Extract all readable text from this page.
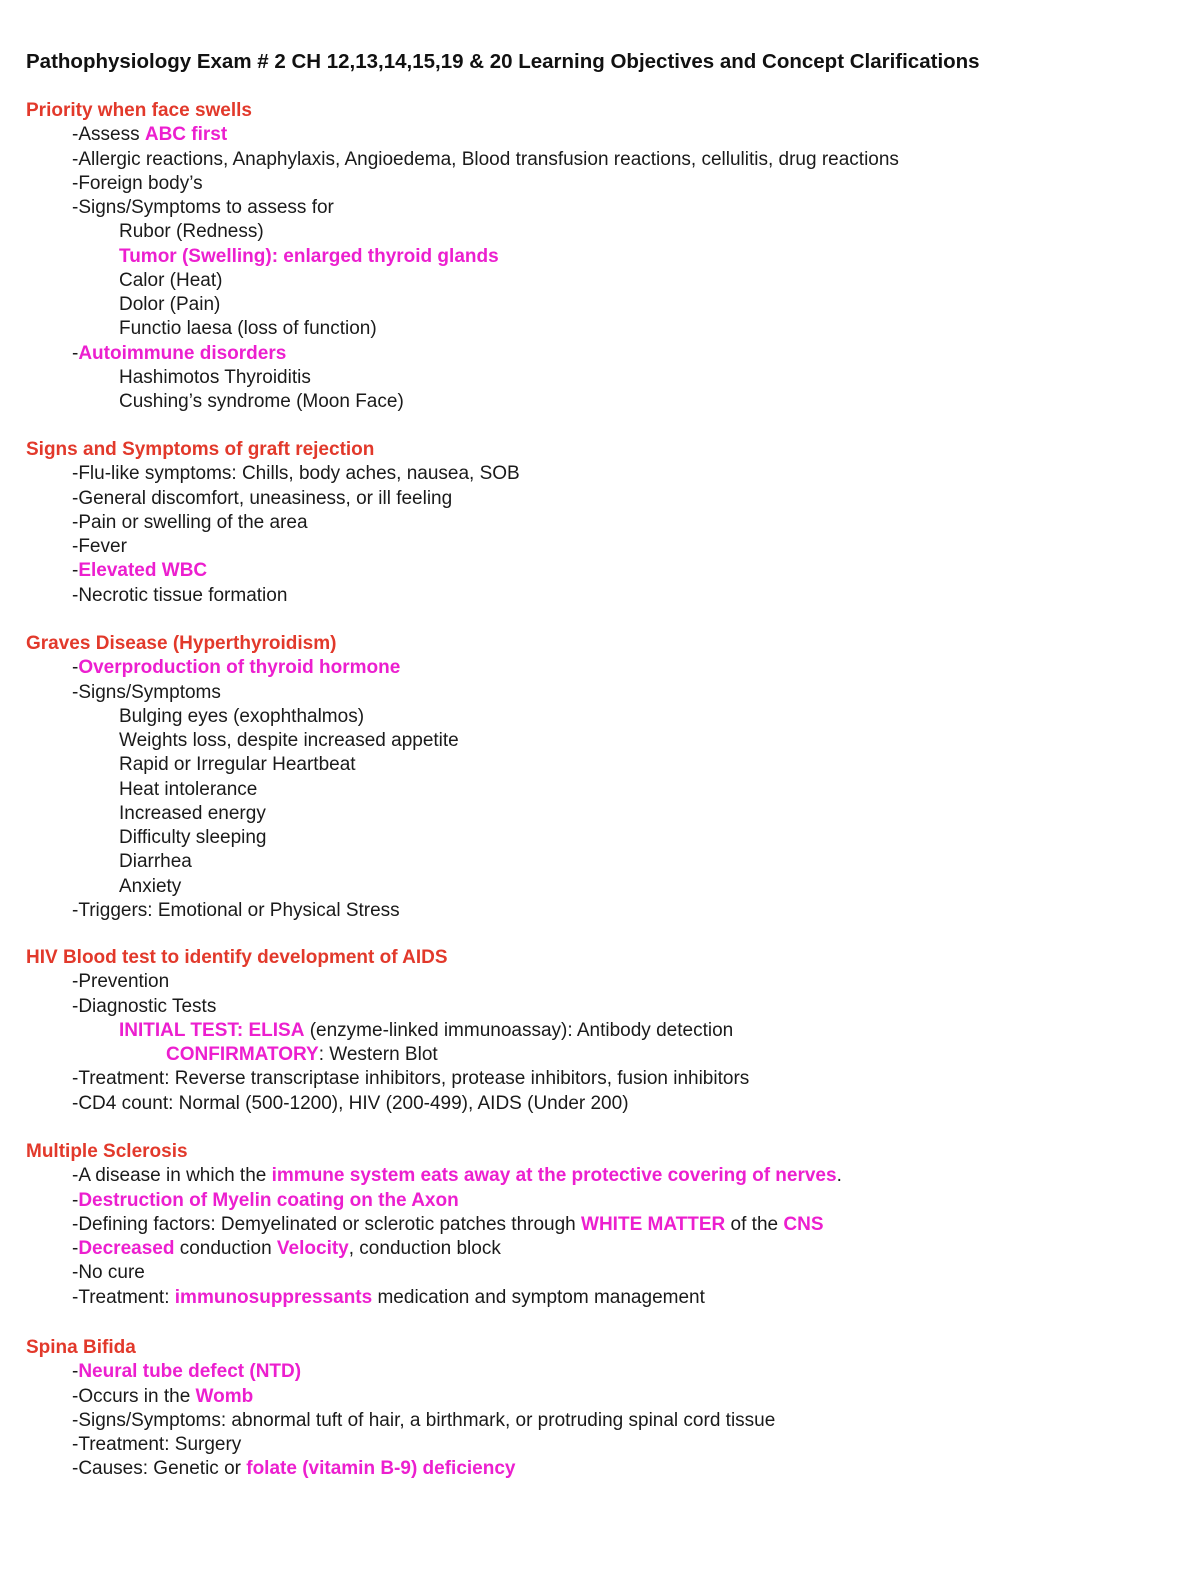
Pathophysiology Exam # 2 CH 12,13,14,15,19 & 20 Learning Objectives and Concept Clarifications
Priority when face swells
-Assess ABC first
-Allergic reactions, Anaphylaxis, Angioedema, Blood transfusion reactions, cellulitis, drug reactions
-Foreign body’s
-Signs/Symptoms to assess for
Rubor (Redness)
Tumor (Swelling): enlarged thyroid glands
Calor (Heat)
Dolor (Pain)
Functio laesa (loss of function)
-Autoimmune disorders
Hashimotos Thyroiditis
Cushing’s syndrome (Moon Face)
Signs and Symptoms of graft rejection
-Flu-like symptoms: Chills, body aches, nausea, SOB
-General discomfort, uneasiness, or ill feeling
-Pain or swelling of the area
-Fever
-Elevated WBC
-Necrotic tissue formation
Graves Disease (Hyperthyroidism)
-Overproduction of thyroid hormone
-Signs/Symptoms
Bulging eyes (exophthalmos)
Weights loss, despite increased appetite
Rapid or Irregular Heartbeat
Heat intolerance
Increased energy
Difficulty sleeping
Diarrhea
Anxiety
-Triggers: Emotional or Physical Stress
HIV Blood test to identify development of AIDS
-Prevention
-Diagnostic Tests
INITIAL TEST: ELISA (enzyme-linked immunoassay): Antibody detection
CONFIRMATORY: Western Blot
-Treatment: Reverse transcriptase inhibitors, protease inhibitors, fusion inhibitors
-CD4 count: Normal (500-1200), HIV (200-499), AIDS (Under 200)
Multiple Sclerosis
-A disease in which the immune system eats away at the protective covering of nerves.
-Destruction of Myelin coating on the Axon
-Defining factors: Demyelinated or sclerotic patches through WHITE MATTER of the CNS
-Decreased conduction Velocity, conduction block
-No cure
-Treatment: immunosuppressants medication and symptom management
Spina Bifida
-Neural tube defect (NTD)
-Occurs in the Womb
-Signs/Symptoms: abnormal tuft of hair, a birthmark, or protruding spinal cord tissue
-Treatment: Surgery
-Causes: Genetic or folate (vitamin B-9) deficiency
